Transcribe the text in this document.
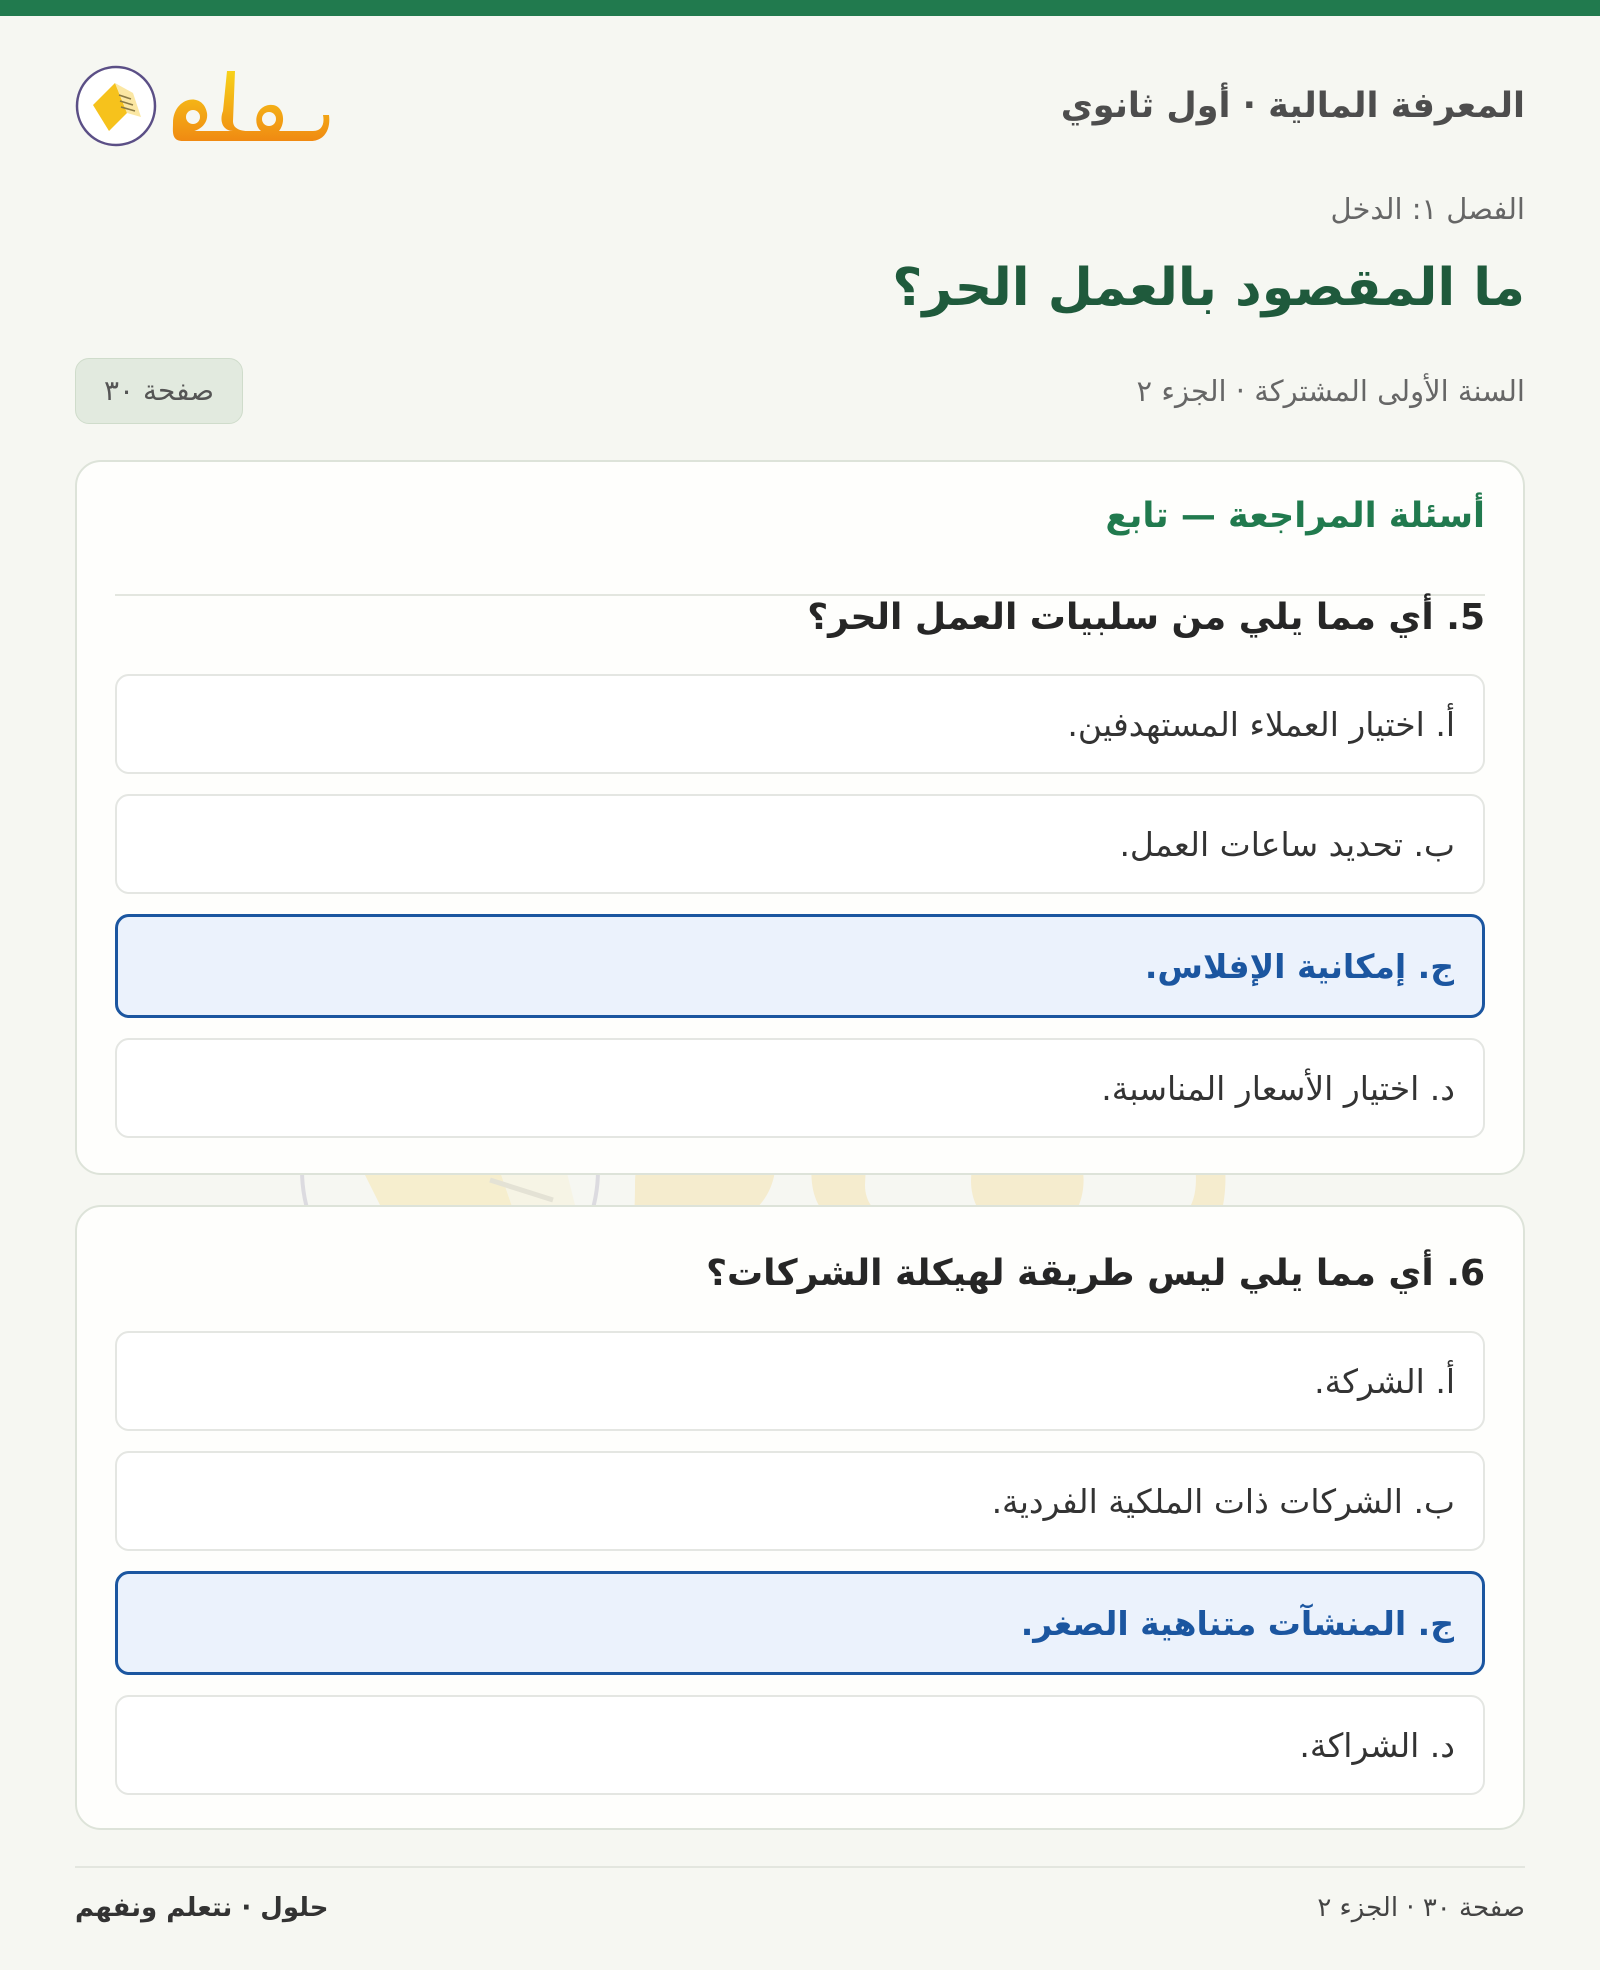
المعرفة المالية · أول ثانوي
الفصل ١: الدخل
ما المقصود بالعمل الحر؟
السنة الأولى المشتركة · الجزء ٢
صفحة ٣٠
أسئلة المراجعة — تابع
5. أي مما يلي من سلبيات العمل الحر؟
أ. اختيار العملاء المستهدفين.
ب. تحديد ساعات العمل.
ج. إمكانية الإفلاس.
د. اختيار الأسعار المناسبة.
6. أي مما يلي ليس طريقة لهيكلة الشركات؟
أ. الشركة.
ب. الشركات ذات الملكية الفردية.
ج. المنشآت متناهية الصغر.
د. الشراكة.
حلول · نتعلم ونفهم	صفحة ٣٠ · الجزء ٢
